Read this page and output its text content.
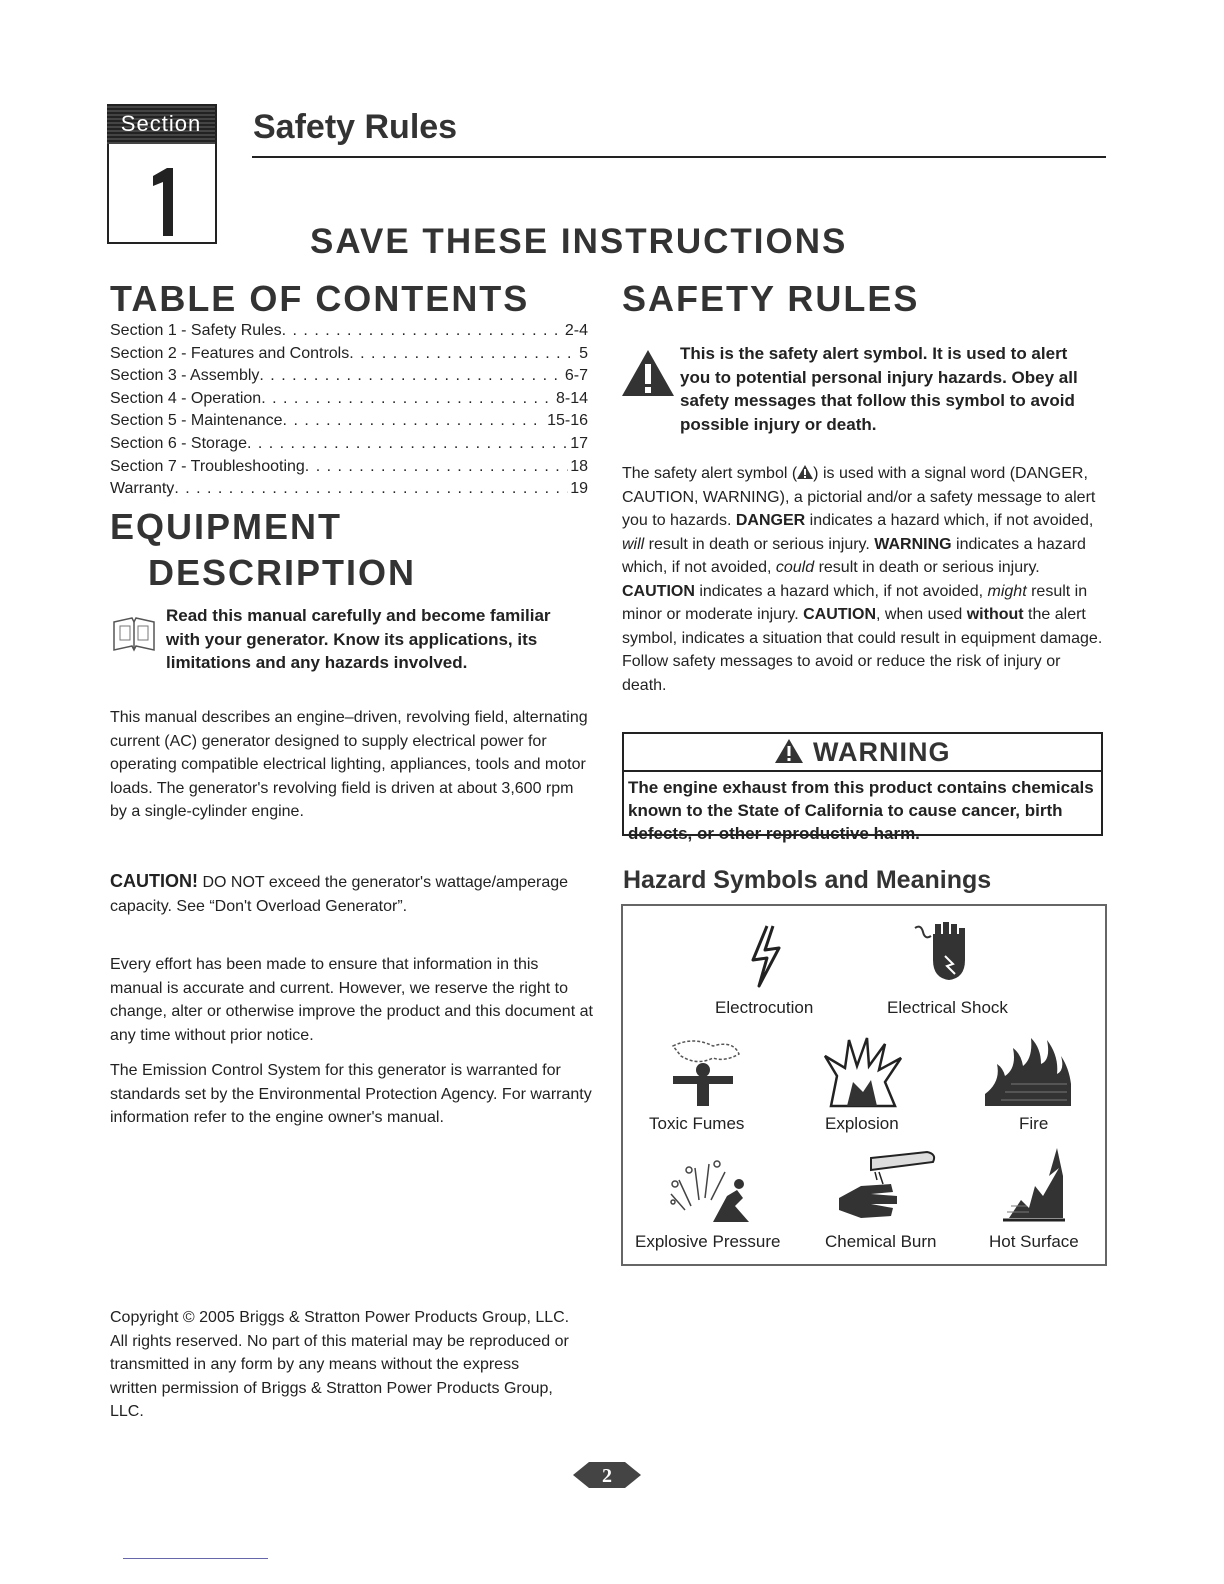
Section	Safety Rules
SAVE THESE INSTRUCTIONS
TABLE OF CONTENTS
Section 1 - Safety Rules . . .	2-4
Section 2 - Features and Controls . . .	5
Section 3 - Assembly . . .	6-7
Section 4 - Operation . . .	8-14
Section 5 - Maintenance . . .	15-16
Section 6 - Storage . . .	17
Section 7 - Troubleshooting . . .	18
Warranty . . .	19
EQUIPMENT
DESCRIPTION
Read this manual carefully and become familiar with your generator. Know its applications, its limitations and any hazards involved.

This manual describes an engine–driven, revolving field, alternating current (AC) generator designed to supply electrical power for operating compatible electrical lighting, appliances, tools and motor loads. The generator's revolving field is driven at about 3,600 rpm by a single-cylinder engine.

CAUTION! DO NOT exceed the generator's wattage/amperage capacity. See “Don't Overload Generator”.

Every effort has been made to ensure that information in this manual is accurate and current. However, we reserve the right to change, alter or otherwise improve the product and this document at any time without prior notice.

The Emission Control System for this generator is warranted for standards set by the Environmental Protection Agency. For warranty information refer to the engine owner's manual.

Copyright © 2005 Briggs & Stratton Power Products Group, LLC. All rights reserved. No part of this material may be reproduced or transmitted in any form by any means without the express written permission of Briggs & Stratton Power Products Group, LLC.

SAFETY RULES
This is the safety alert symbol. It is used to alert you to potential personal injury hazards. Obey all safety messages that follow this symbol to avoid possible injury or death.

The safety alert symbol ( ) is used with a signal word (DANGER, CAUTION, WARNING), a pictorial and/or a safety message to alert you to hazards. DANGER indicates a hazard which, if not avoided, will result in death or serious injury. WARNING indicates a hazard which, if not avoided, could result in death or serious injury. CAUTION indicates a hazard which, if not avoided, might result in minor or moderate injury. CAUTION, when used without the alert symbol, indicates a situation that could result in equipment damage. Follow safety messages to avoid or reduce the risk of injury or death.

WARNING
The engine exhaust from this product contains chemicals known to the State of California to cause cancer, birth defects, or other reproductive harm.
Hazard Symbols and Meanings
Electrocution	Electrical Shock
Toxic Fumes	Explosion	Fire
Explosive Pressure	Chemical Burn	Hot Surface
2
